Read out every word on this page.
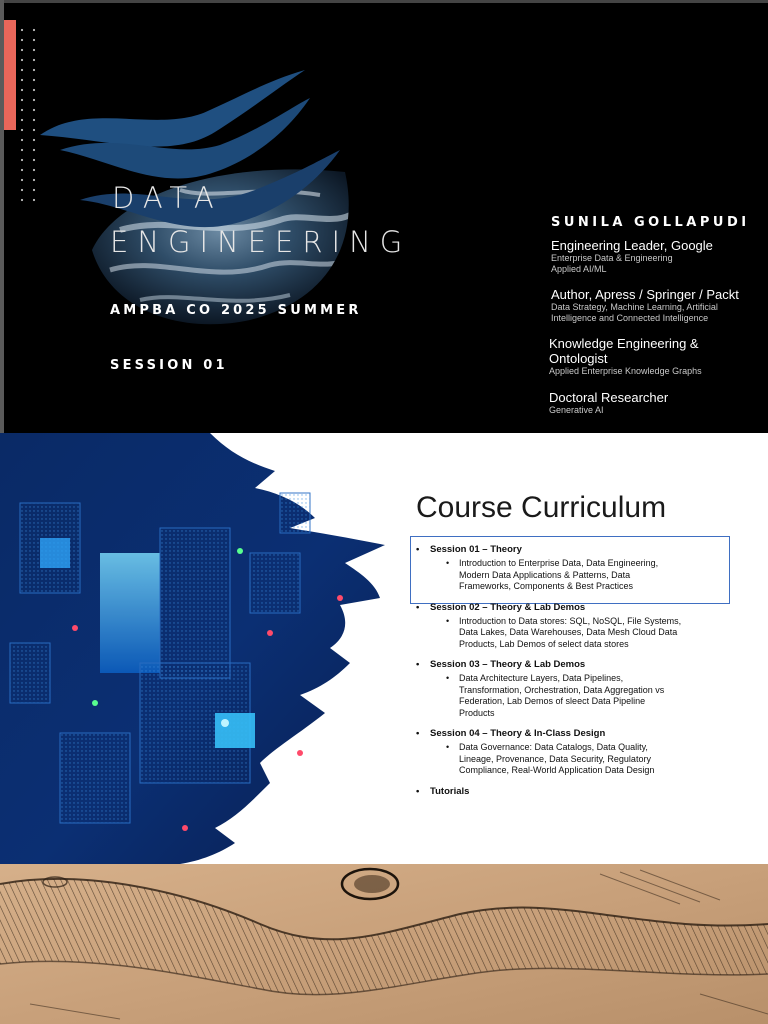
DATA
ENGINEERING
AMPBA CO 2025 SUMMER
SESSION 01
SUNILA GOLLAPUDI
Engineering Leader, Google
Enterprise Data & Engineering
Applied AI/ML
Author, Apress / Springer / Packt
Data Strategy, Machine Learning, Artificial
Intelligence and Connected Intelligence
Knowledge Engineering &
Ontologist
Applied Enterprise Knowledge Graphs
Doctoral Researcher
Generative AI
Course Curriculum
• Session 01 – Theory
• Introduction to Enterprise Data, Data Engineering,
Modern Data Applications & Patterns, Data
Frameworks, Components & Best Practices
• Session 02 – Theory & Lab Demos
• Introduction to Data stores: SQL, NoSQL, File Systems,
Data Lakes, Data Warehouses, Data Mesh Cloud Data
Products, Lab Demos of select data stores
• Session 03 – Theory & Lab Demos
• Data Architecture Layers, Data Pipelines,
Transformation, Orchestration, Data Aggregation vs
Federation, Lab Demos of sleect Data Pipeline
Products
• Session 04 – Theory & In-Class Design
• Data Governance: Data Catalogs, Data Quality,
Lineage, Provenance, Data Security, Regulatory
Compliance, Real-World Application Data Design
• Tutorials
